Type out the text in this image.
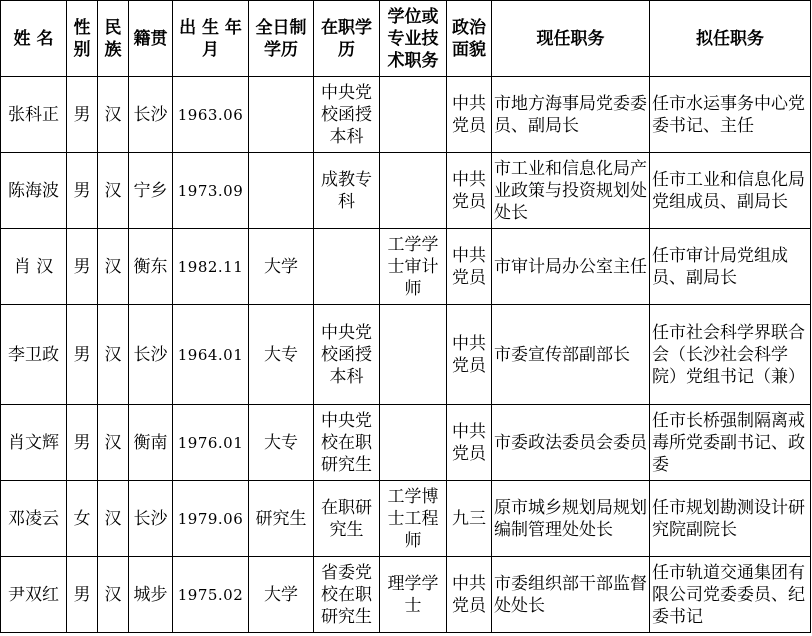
姓 名	性别	民族	籍贯	出 生 年 月	全日制学历	在职学历	学位或专业技术职务	政治面貌	现任职务	拟任职务
张科正	男	汉	长沙	1963.06		中央党校函授本科		中共党员	市地方海事局党委委员、副局长	任市水运事务中心党委书记、主任
陈海波	男	汉	宁乡	1973.09		成教专科		中共党员	市工业和信息化局产业政策与投资规划处处长	任市工业和信息化局党组成员、副局长
肖 汉	男	汉	衡东	1982.11	大学		工学学士审计师	中共党员	市审计局办公室主任	任市审计局党组成员、副局长
李卫政	男	汉	长沙	1964.01	大专	中央党校函授本科		中共党员	市委宣传部副部长	任市社会科学界联合会（长沙社会科学院）党组书记（兼）
肖文辉	男	汉	衡南	1976.01	大专	中央党校在职研究生		中共党员	市委政法委员会委员	任市长桥强制隔离戒毒所党委副书记、政委
邓凌云	女	汉	长沙	1979.06	研究生	在职研究生	工学博士工程师	九三	原市城乡规划局规划编制管理处处长	任市规划勘测设计研究院副院长
尹双红	男	汉	城步	1975.02	大学	省委党校在职研究生	理学学士	中共党员	市委组织部干部监督处处长	任市轨道交通集团有限公司党委委员、纪委书记
